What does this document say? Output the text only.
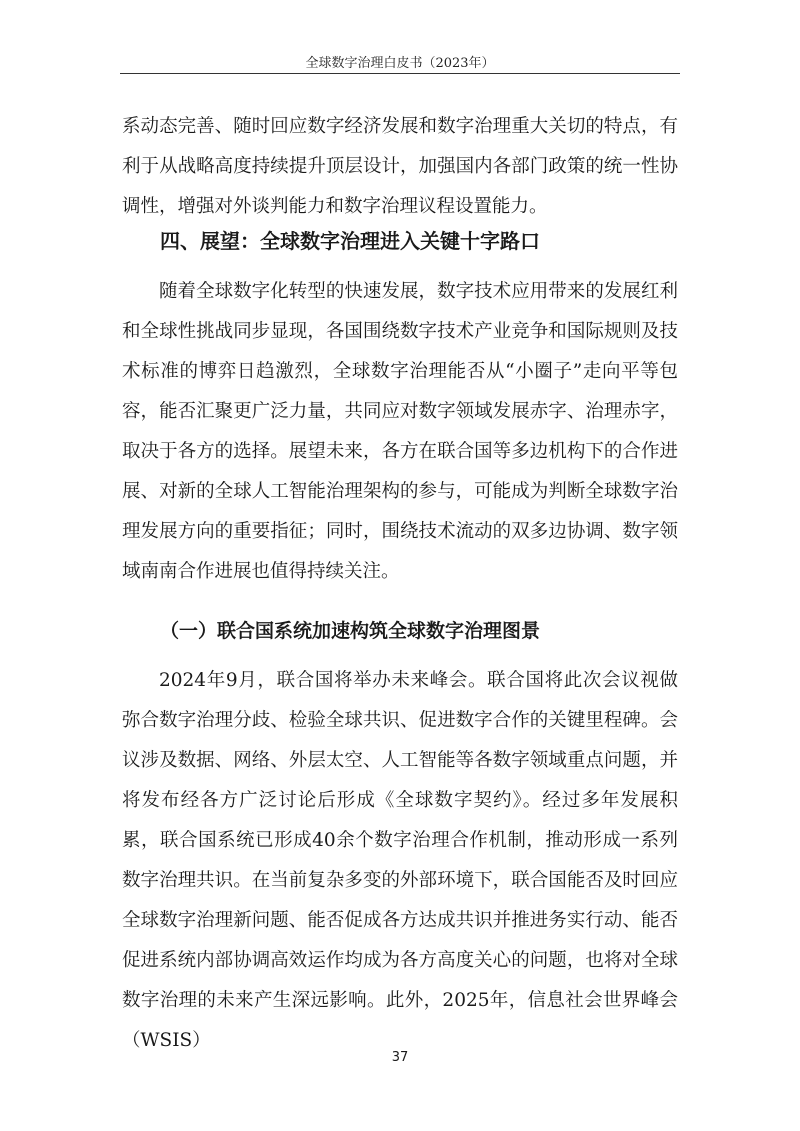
全球数字治理白皮书（2023年）

系动态完善、随时回应数字经济发展和数字治理重大关切的特点，有利于从战略高度持续提升顶层设计，加强国内各部门政策的统一性协调性，增强对外谈判能力和数字治理议程设置能力。

四、展望：全球数字治理进入关键十字路口

随着全球数字化转型的快速发展，数字技术应用带来的发展红利和全球性挑战同步显现，各国围绕数字技术产业竞争和国际规则及技术标准的博弈日趋激烈，全球数字治理能否从“小圈子”走向平等包容，能否汇聚更广泛力量，共同应对数字领域发展赤字、治理赤字，取决于各方的选择。展望未来，各方在联合国等多边机构下的合作进展、对新的全球人工智能治理架构的参与，可能成为判断全球数字治理发展方向的重要指征；同时，围绕技术流动的双多边协调、数字领域南南合作进展也值得持续关注。

（一）联合国系统加速构筑全球数字治理图景

2024年9月，联合国将举办未来峰会。联合国将此次会议视做弥合数字治理分歧、检验全球共识、促进数字合作的关键里程碑。会议涉及数据、网络、外层太空、人工智能等各数字领域重点问题，并将发布经各方广泛讨论后形成《全球数字契约》。经过多年发展积累，联合国系统已形成40余个数字治理合作机制，推动形成一系列数字治理共识。在当前复杂多变的外部环境下，联合国能否及时回应全球数字治理新问题、能否促成各方达成共识并推进务实行动、能否促进系统内部协调高效运作均成为各方高度关心的问题，也将对全球数字治理的未来产生深远影响。此外，2025年，信息社会世界峰会（WSIS）

37
